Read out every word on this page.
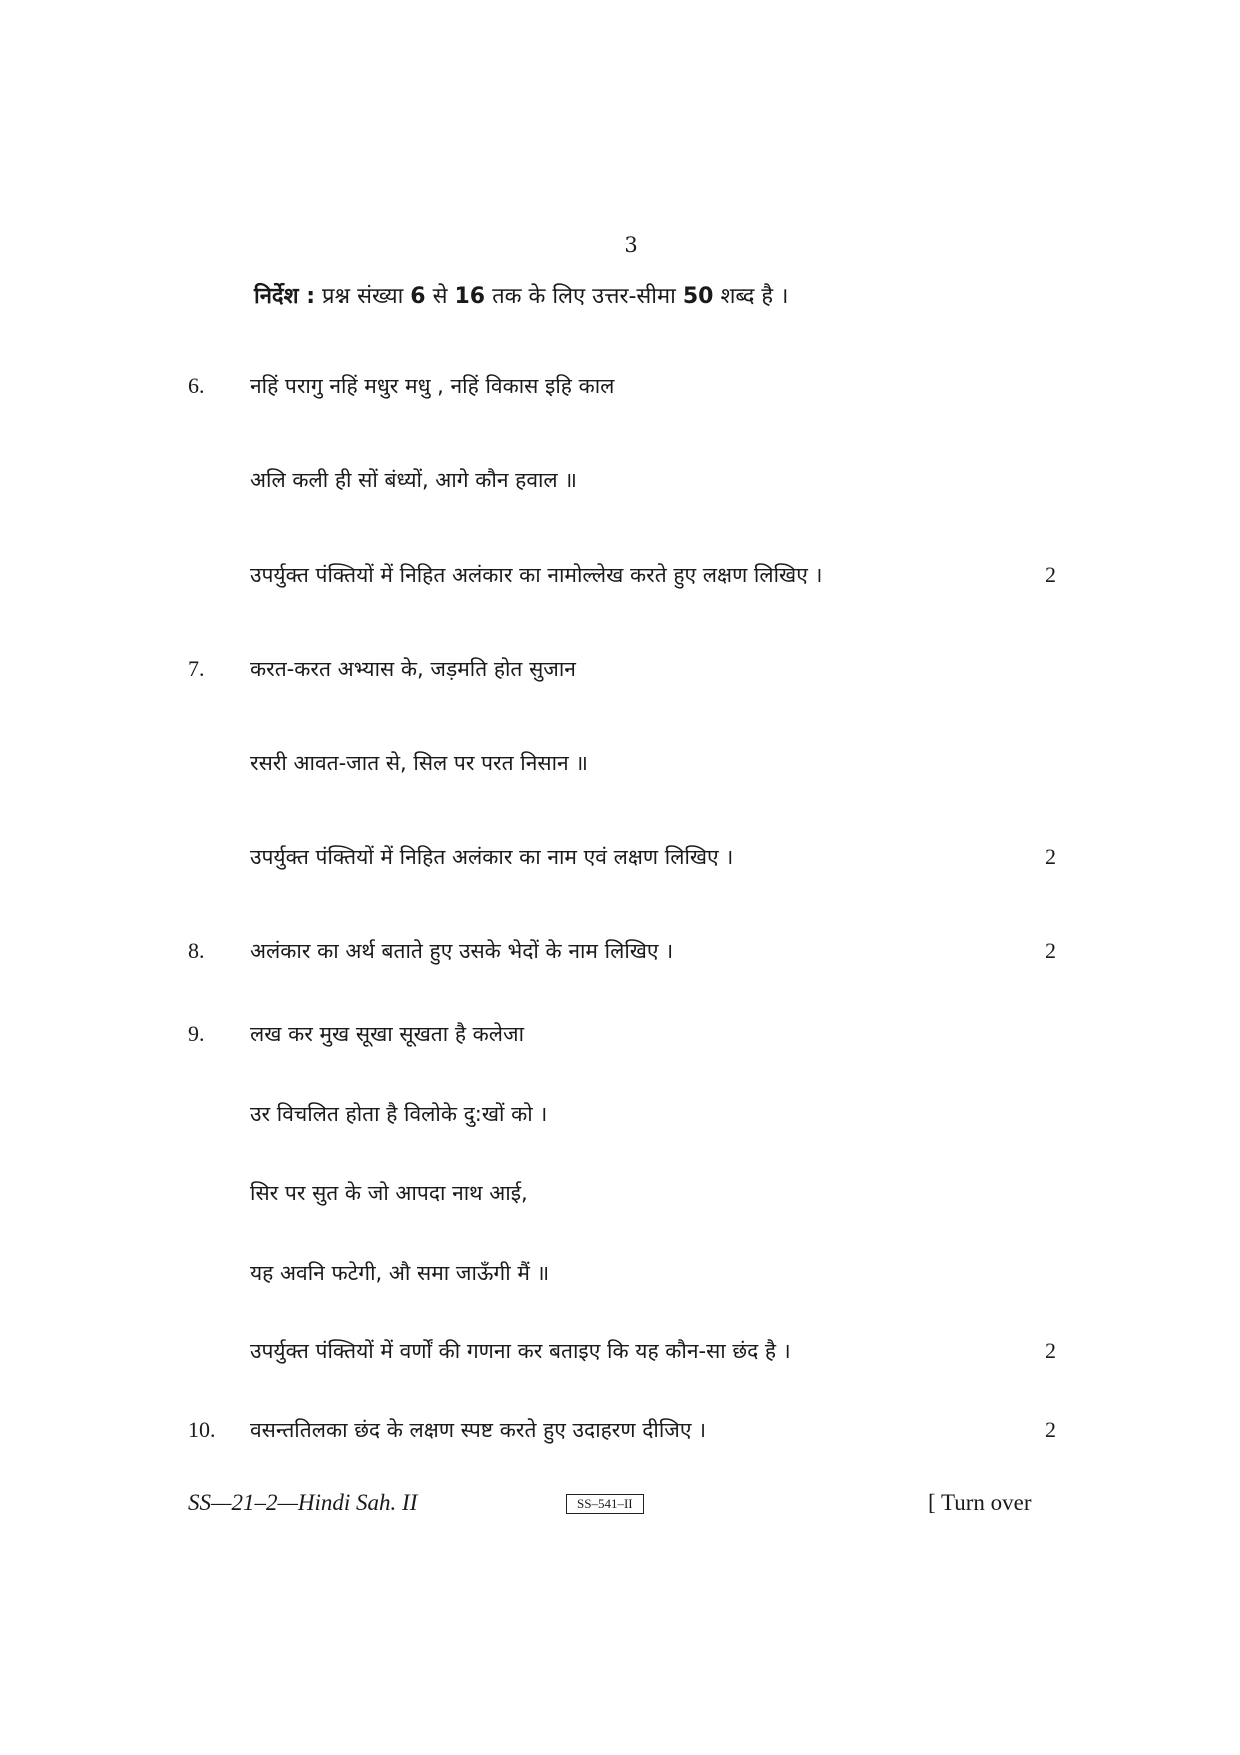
3
निर्देश : प्रश्न संख्या 6 से 16 तक के लिए उत्तर-सीमा 50 शब्द है ।
6. नहिं परागु नहिं मधुर मधु , नहिं विकास इहि काल
अलि कली ही सों बंध्यों, आगे कौन हवाल ॥
उपर्युक्त पंक्तियों में निहित अलंकार का नामोल्लेख करते हुए लक्षण लिखिए ।	2
7. करत-करत अभ्यास के, जड़मति होत सुजान
रसरी आवत-जात से, सिल पर परत निसान ॥
उपर्युक्त पंक्तियों में निहित अलंकार का नाम एवं लक्षण लिखिए ।	2
8. अलंकार का अर्थ बताते हुए उसके भेदों के नाम लिखिए ।	2
9. लख कर मुख सूखा सूखता है कलेजा
उर विचलित होता है विलोके दु:खों को ।
सिर पर सुत के जो आपदा नाथ आई,
यह अवनि फटेगी, औ समा जाऊँगी मैं ॥
उपर्युक्त पंक्तियों में वर्णों की गणना कर बताइए कि यह कौन-सा छंद है ।	2
10. वसन्ततिलका छंद के लक्षण स्पष्ट करते हुए उदाहरण दीजिए ।	2
SS—21–2—Hindi Sah. II	SS–541–II	[ Turn over
